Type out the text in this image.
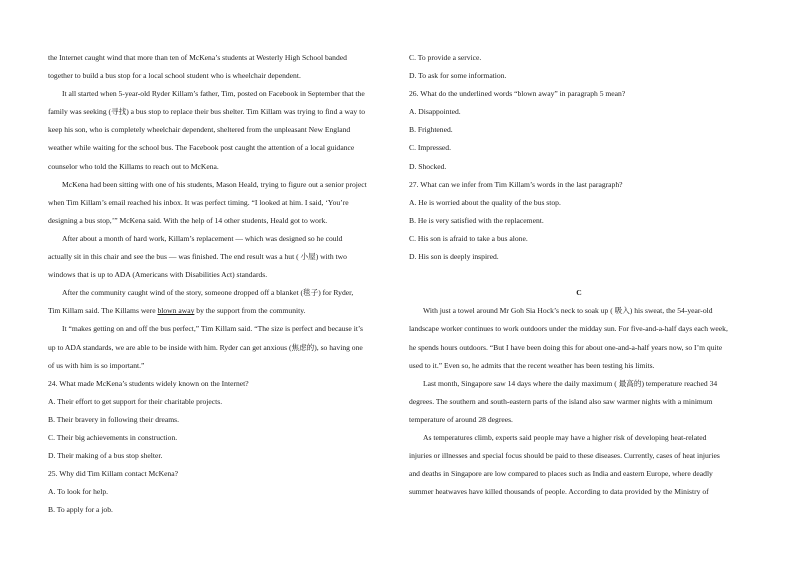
the Internet caught wind that more than ten of McKena’s students at Westerly High School banded

together to build a bus stop for a local school student who is wheelchair dependent.

It all started when 5-year-old Ryder Killam’s father, Tim, posted on Facebook in September that the

family was seeking (寻找) a bus stop to replace their bus shelter. Tim Killam was trying to find a way to

keep his son, who is completely wheelchair dependent, sheltered from the unpleasant New England

weather while waiting for the school bus. The Facebook post caught the attention of a local guidance

counselor who told the Killams to reach out to McKena.

McKena had been sitting with one of his students, Mason Heald, trying to figure out a senior project

when Tim Killam’s email reached his inbox. It was perfect timing. “I looked at him. I said, ‘You’re

designing a bus stop,’” McKena said. With the help of 14 other students, Heald got to work.

After about a month of hard work, Killam’s replacement — which was designed so he could

actually sit in this chair and see the bus — was finished. The end result was a hut ( 小屋) with two

windows that is up to ADA (Americans with Disabilities Act) standards.

After the community caught wind of the story, someone dropped off a blanket (毯子) for Ryder,

Tim Killam said. The Killams were blown away by the support from the community.

It “makes getting on and off the bus perfect,” Tim Killam said. “The size is perfect and because it’s

up to ADA standards, we are able to be inside with him. Ryder can get anxious (焦虑的), so having one

of us with him is so important.”

24. What made McKena’s students widely known on the Internet?

A. Their effort to get support for their charitable projects.

B. Their bravery in following their dreams.

C. Their big achievements in construction.

D. Their making of a bus stop shelter.

25. Why did Tim Killam contact McKena?

A. To look for help.

B. To apply for a job.

C. To provide a service.

D. To ask for some information.

26. What do the underlined words “blown away” in paragraph 5 mean?

A. Disappointed.

B. Frightened.

C. Impressed.

D. Shocked.

27. What can we infer from Tim Killam’s words in the last paragraph?

A. He is worried about the quality of the bus stop.

B. He is very satisfied with the replacement.

C. His son is afraid to take a bus alone.

D. His son is deeply inspired.

C

With just a towel around Mr Goh Sia Hock’s neck to soak up ( 吸入) his sweat, the 54-year-old

landscape worker continues to work outdoors under the midday sun. For five-and-a-half days each week,

he spends hours outdoors. “But I have been doing this for about one-and-a-half years now, so I’m quite

used to it.” Even so, he admits that the recent weather has been testing his limits.

Last month, Singapore saw 14 days where the daily maximum ( 最高的) temperature reached 34

degrees. The southern and south-eastern parts of the island also saw warmer nights with a minimum

temperature of around 28 degrees.

As temperatures climb, experts said people may have a higher risk of developing heat-related

injuries or illnesses and special focus should be paid to these diseases. Currently, cases of heat injuries

and deaths in Singapore are low compared to places such as India and eastern Europe, where deadly

summer heatwaves have killed thousands of people. According to data provided by the Ministry of
